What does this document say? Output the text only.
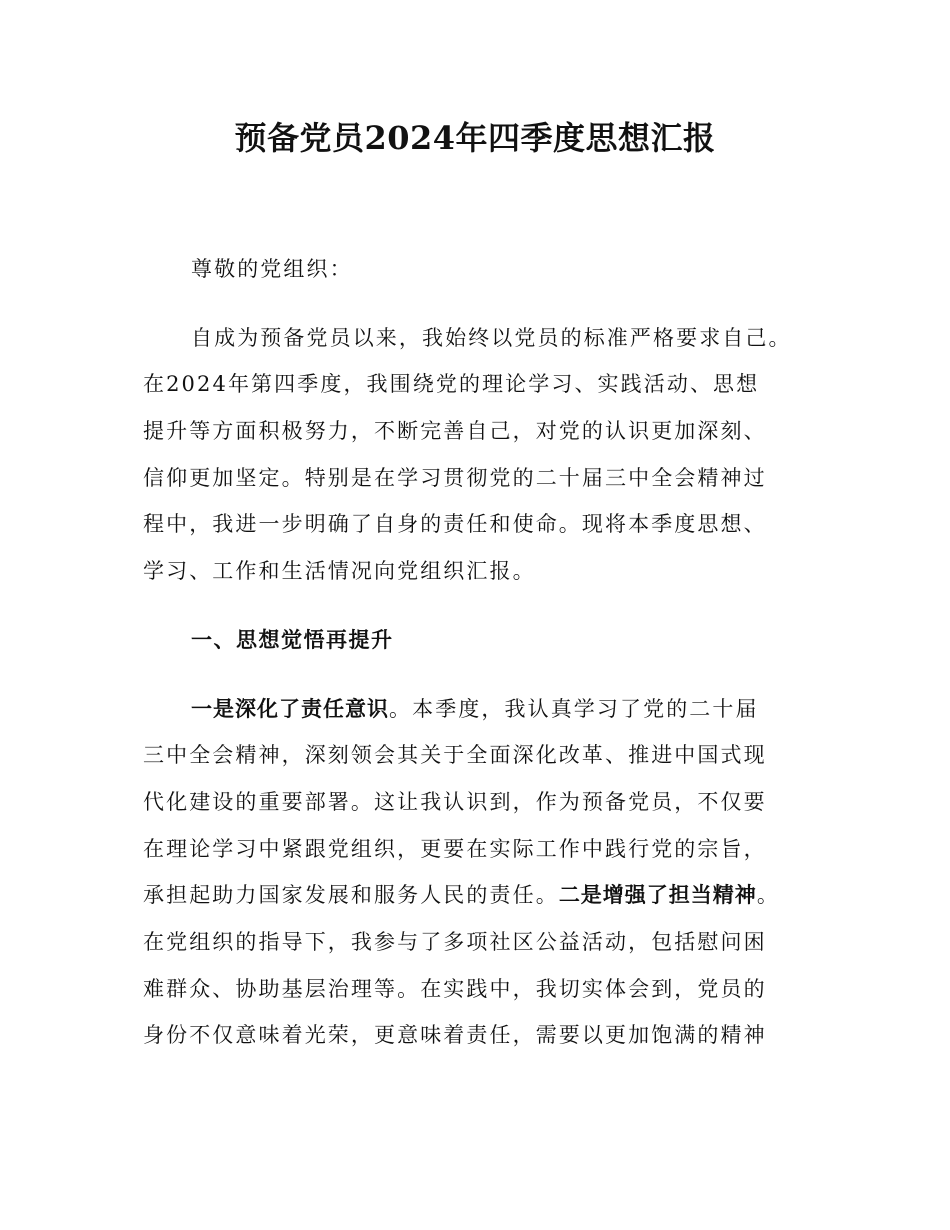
预备党员2024年四季度思想汇报
尊敬的党组织：
自成为预备党员以来，我始终以党员的标准严格要求自己。
在2024年第四季度，我围绕党的理论学习、实践活动、思想
提升等方面积极努力，不断完善自己，对党的认识更加深刻、
信仰更加坚定。特别是在学习贯彻党的二十届三中全会精神过
程中，我进一步明确了自身的责任和使命。现将本季度思想、
学习、工作和生活情况向党组织汇报。
一、思想觉悟再提升
一是深化了责任意识。本季度，我认真学习了党的二十届
三中全会精神，深刻领会其关于全面深化改革、推进中国式现
代化建设的重要部署。这让我认识到，作为预备党员，不仅要
在理论学习中紧跟党组织，更要在实际工作中践行党的宗旨，
承担起助力国家发展和服务人民的责任。二是增强了担当精神。
在党组织的指导下，我参与了多项社区公益活动，包括慰问困
难群众、协助基层治理等。在实践中，我切实体会到，党员的
身份不仅意味着光荣，更意味着责任，需要以更加饱满的精神
